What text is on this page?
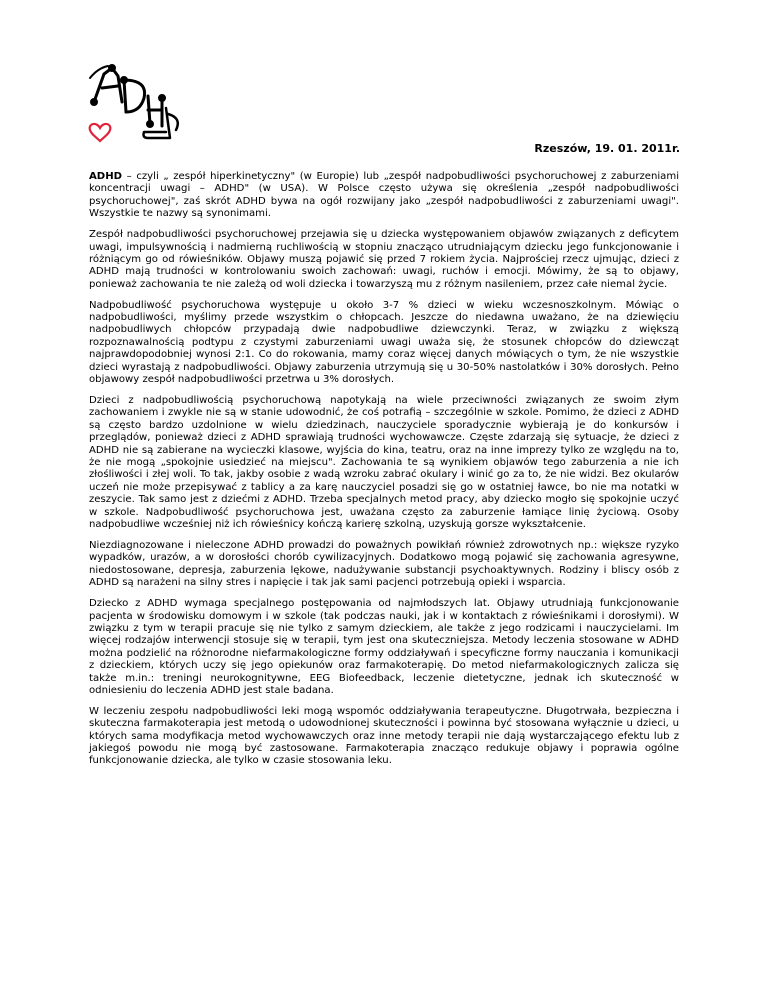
Rzeszów, 19. 01. 2011r.

ADHD – czyli „ zespół hiperkinetyczny" (w Europie) lub „zespół nadpobudliwości psychoruchowej z zaburzeniami koncentracji uwagi – ADHD" (w USA). W Polsce często używa się określenia „zespół nadpobudliwości psychoruchowej", zaś skrót ADHD bywa na ogół rozwijany jako „zespół nadpobudliwości z zaburzeniami uwagi". Wszystkie te nazwy są synonimami.

Zespół nadpobudliwości psychoruchowej przejawia się u dziecka występowaniem objawów związanych z deficytem uwagi, impulsywnością i nadmierną ruchliwością w stopniu znacząco utrudniającym dziecku jego funkcjonowanie i różniącym go od rówieśników. Objawy muszą pojawić się przed 7 rokiem życia. Najprościej rzecz ujmując, dzieci z ADHD mają trudności w kontrolowaniu swoich zachowań: uwagi, ruchów i emocji. Mówimy, że są to objawy, ponieważ zachowania te nie zależą od woli dziecka i towarzyszą mu z różnym nasileniem, przez całe niemal życie.

Nadpobudliwość psychoruchowa występuje u około 3-7 % dzieci w wieku wczesnoszkolnym. Mówiąc o nadpobudliwości, myślimy przede wszystkim o chłopcach. Jeszcze do niedawna uważano, że na dziewięciu nadpobudliwych chłopców przypadają dwie nadpobudliwe dziewczynki. Teraz, w związku z większą rozpoznawalnością podtypu z czystymi zaburzeniami uwagi uważa się, że stosunek chłopców do dziewcząt najprawdopodobniej wynosi 2:1. Co do rokowania, mamy coraz więcej danych mówiących o tym, że nie wszystkie dzieci wyrastają z nadpobudliwości. Objawy zaburzenia utrzymują się u 30-50% nastolatków i 30% dorosłych. Pełno objawowy zespół nadpobudliwości przetrwa u 3% dorosłych.

Dzieci z nadpobudliwością psychoruchową napotykają na wiele przeciwności związanych ze swoim złym zachowaniem i zwykle nie są w stanie udowodnić, że coś potrafią – szczególnie w szkole. Pomimo, że dzieci z ADHD są często bardzo uzdolnione w wielu dziedzinach, nauczyciele sporadycznie wybierają je do konkursów i przeglądów, ponieważ dzieci z ADHD sprawiają trudności wychowawcze. Częste zdarzają się sytuacje, że dzieci z ADHD nie są zabierane na wycieczki klasowe, wyjścia do kina, teatru, oraz na inne imprezy tylko ze względu na to, że nie mogą „spokojnie usiedzieć na miejscu". Zachowania te są wynikiem objawów tego zaburzenia a nie ich złośliwości i złej woli. To tak, jakby osobie z wadą wzroku zabrać okulary i winić go za to, że nie widzi. Bez okularów uczeń nie może przepisywać z tablicy a za karę nauczyciel posadzi się go w ostatniej ławce, bo nie ma notatki w zeszycie. Tak samo jest z dziećmi z ADHD. Trzeba specjalnych metod pracy, aby dziecko mogło się spokojnie uczyć w szkole. Nadpobudliwość psychoruchowa jest, uważana często za zaburzenie łamiące linię życiową. Osoby nadpobudliwe wcześniej niż ich rówieśnicy kończą karierę szkolną, uzyskują gorsze wykształcenie.

Niezdiagnozowane i nieleczone ADHD prowadzi do poważnych powikłań również zdrowotnych np.: większe ryzyko wypadków, urazów, a w dorosłości chorób cywilizacyjnych. Dodatkowo mogą pojawić się zachowania agresywne, niedostosowane, depresja, zaburzenia lękowe, nadużywanie substancji psychoaktywnych. Rodziny i bliscy osób z ADHD są narażeni na silny stres i napięcie i tak jak sami pacjenci potrzebują opieki i wsparcia.

Dziecko z ADHD wymaga specjalnego postępowania od najmłodszych lat. Objawy utrudniają funkcjonowanie pacjenta w środowisku domowym i w szkole (tak podczas nauki, jak i w kontaktach z rówieśnikami i dorosłymi). W związku z tym w terapii pracuje się nie tylko z samym dzieckiem, ale także z jego rodzicami i nauczycielami. Im więcej rodzajów interwencji stosuje się w terapii, tym jest ona skuteczniejsza. Metody leczenia stosowane w ADHD można podzielić na różnorodne niefarmakologiczne formy oddziaływań i specyficzne formy nauczania i komunikacji z dzieckiem, których uczy się jego opiekunów oraz farmakoterapię. Do metod niefarmakologicznych zalicza się także m.in.: treningi neurokognitywne, EEG Biofeedback, leczenie dietetyczne, jednak ich skuteczność w odniesieniu do leczenia ADHD jest stale badana.

W leczeniu zespołu nadpobudliwości leki mogą wspomóc oddziaływania terapeutyczne. Długotrwała, bezpieczna i skuteczna farmakoterapia jest metodą o udowodnionej skuteczności i powinna być stosowana wyłącznie u dzieci, u których sama modyfikacja metod wychowawczych oraz inne metody terapii nie dają wystarczającego efektu lub z jakiegoś powodu nie mogą być zastosowane. Farmakoterapia znacząco redukuje objawy i poprawia ogólne funkcjonowanie dziecka, ale tylko w czasie stosowania leku.
